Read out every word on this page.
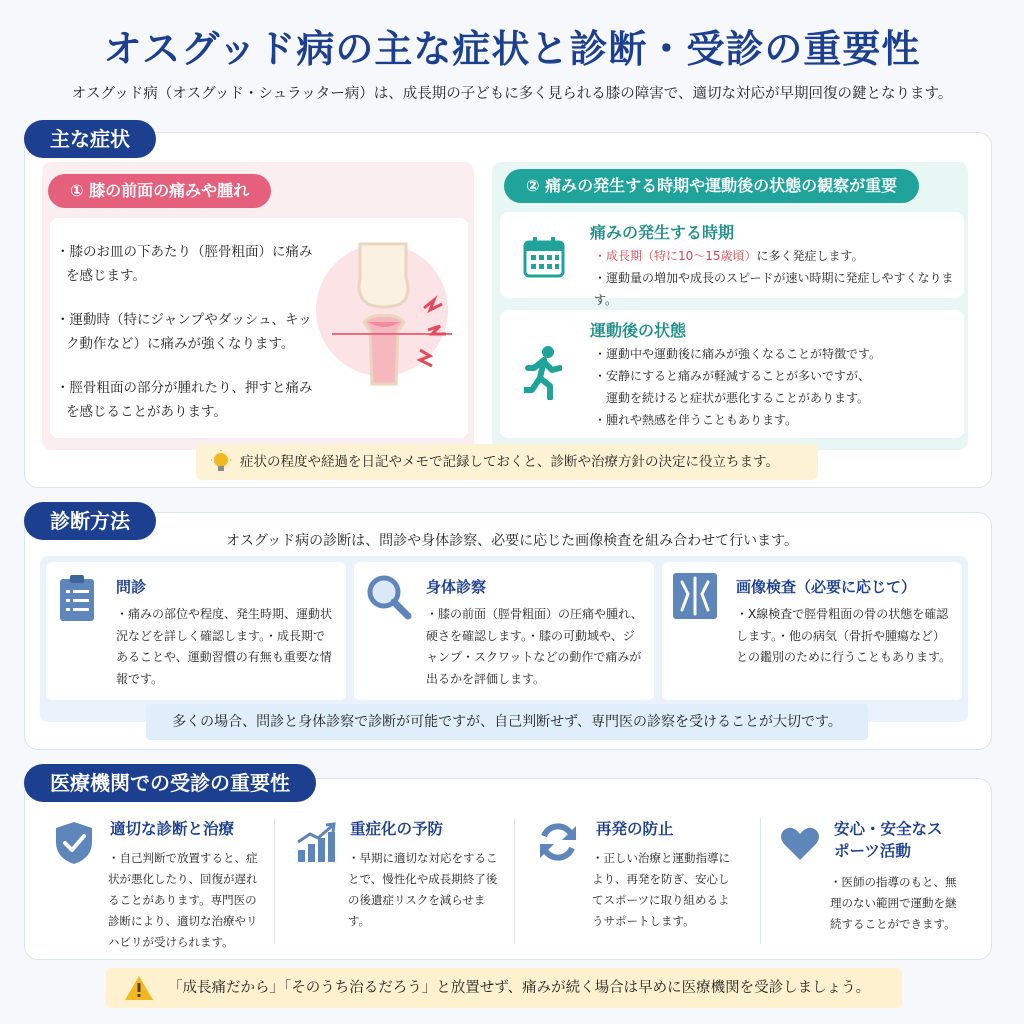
オスグッド病の主な症状と診断・受診の重要性
オスグッド病（オスグッド・シュラッター病）は、成長期の子どもに多く見られる膝の障害で、適切な対応が早期回復の鍵となります。
主な症状
① 膝の前面の痛みや腫れ
・膝のお皿の下あたり（脛骨粗面）に痛みを感じます。
・運動時（特にジャンプやダッシュ、キック動作など）に痛みが強くなります。
・脛骨粗面の部分が腫れたり、押すと痛みを感じることがあります。
② 痛みの発生する時期や運動後の状態の観察が重要
痛みの発生する時期
・成長期（特に10〜15歳頃）に多く発症します。
・運動量の増加や成長のスピードが速い時期に発症しやすくなります。
運動後の状態
・運動中や運動後に痛みが強くなることが特徴です。
・安静にすると痛みが軽減することが多いですが、
　運動を続けると症状が悪化することがあります。
・腫れや熱感を伴うこともあります。
症状の程度や経過を日記やメモで記録しておくと、診断や治療方針の決定に役立ちます。
診断方法
オスグッド病の診断は、問診や身体診察、必要に応じた画像検査を組み合わせて行います。
問診
・痛みの部位や程度、発生時期、運動状況などを詳しく確認します。・成長期であることや、運動習慣の有無も重要な情報です。
身体診察
・膝の前面（脛骨粗面）の圧痛や腫れ、硬さを確認します。・膝の可動域や、ジャンプ・スクワットなどの動作で痛みが出るかを評価します。
画像検査（必要に応じて）
・X線検査で脛骨粗面の骨の状態を確認します。・他の病気（骨折や腫瘍など）との鑑別のために行うこともあります。
多くの場合、問診と身体診察で診断が可能ですが、自己判断せず、専門医の診察を受けることが大切です。
医療機関での受診の重要性
適切な診断と治療
・自己判断で放置すると、症状が悪化したり、回復が遅れることがあります。専門医の診断により、適切な治療やリハビリが受けられます。
重症化の予防
・早期に適切な対応をすることで、慢性化や成長期終了後の後遺症リスクを減らせます。
再発の防止
・正しい治療と運動指導により、再発を防ぎ、安心してスポーツに取り組めるようサポートします。
安心・安全なスポーツ活動
・医師の指導のもと、無理のない範囲で運動を継続することができます。
「成長痛だから」「そのうち治るだろう」と放置せず、痛みが続く場合は早めに医療機関を受診しましょう。
